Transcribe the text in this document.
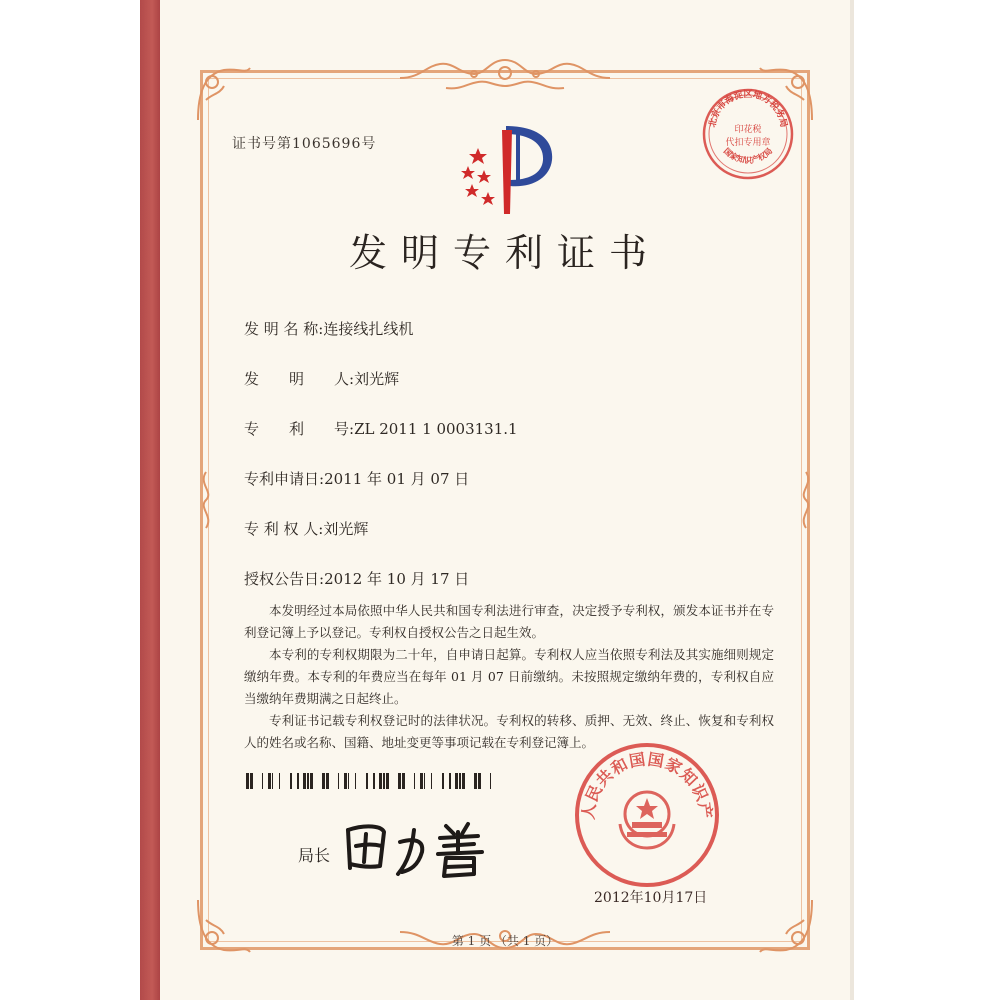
证书号第1065696号
发明专利证书
发 明 名 称:连接线扎线机
发　　明　　人:刘光辉
专　　利　　号:ZL 2011 1 0003131.1
专利申请日:2011 年 01 月 07 日
专 利 权 人:刘光辉
授权公告日:2012 年 10 月 17 日

本发明经过本局依照中华人民共和国专利法进行审查，决定授予专利权，颁发本证书并在专利登记簿上予以登记。专利权自授权公告之日起生效。

本专利的专利权期限为二十年，自申请日起算。专利权人应当依照专利法及其实施细则规定缴纳年费。本专利的年费应当在每年 01 月 07 日前缴纳。未按照规定缴纳年费的，专利权自应当缴纳年费期满之日起终止。

专利证书记载专利权登记时的法律状况。专利权的转移、质押、无效、终止、恢复和专利权人的姓名或名称、国籍、地址变更等事项记载在专利登记簿上。

局长
人民共和国国家知识产
2012年10月17日
北京市海淀区地方税务局
国家知识产权局
印花税
代扣专用章
第 1 页 （共 1 页）
